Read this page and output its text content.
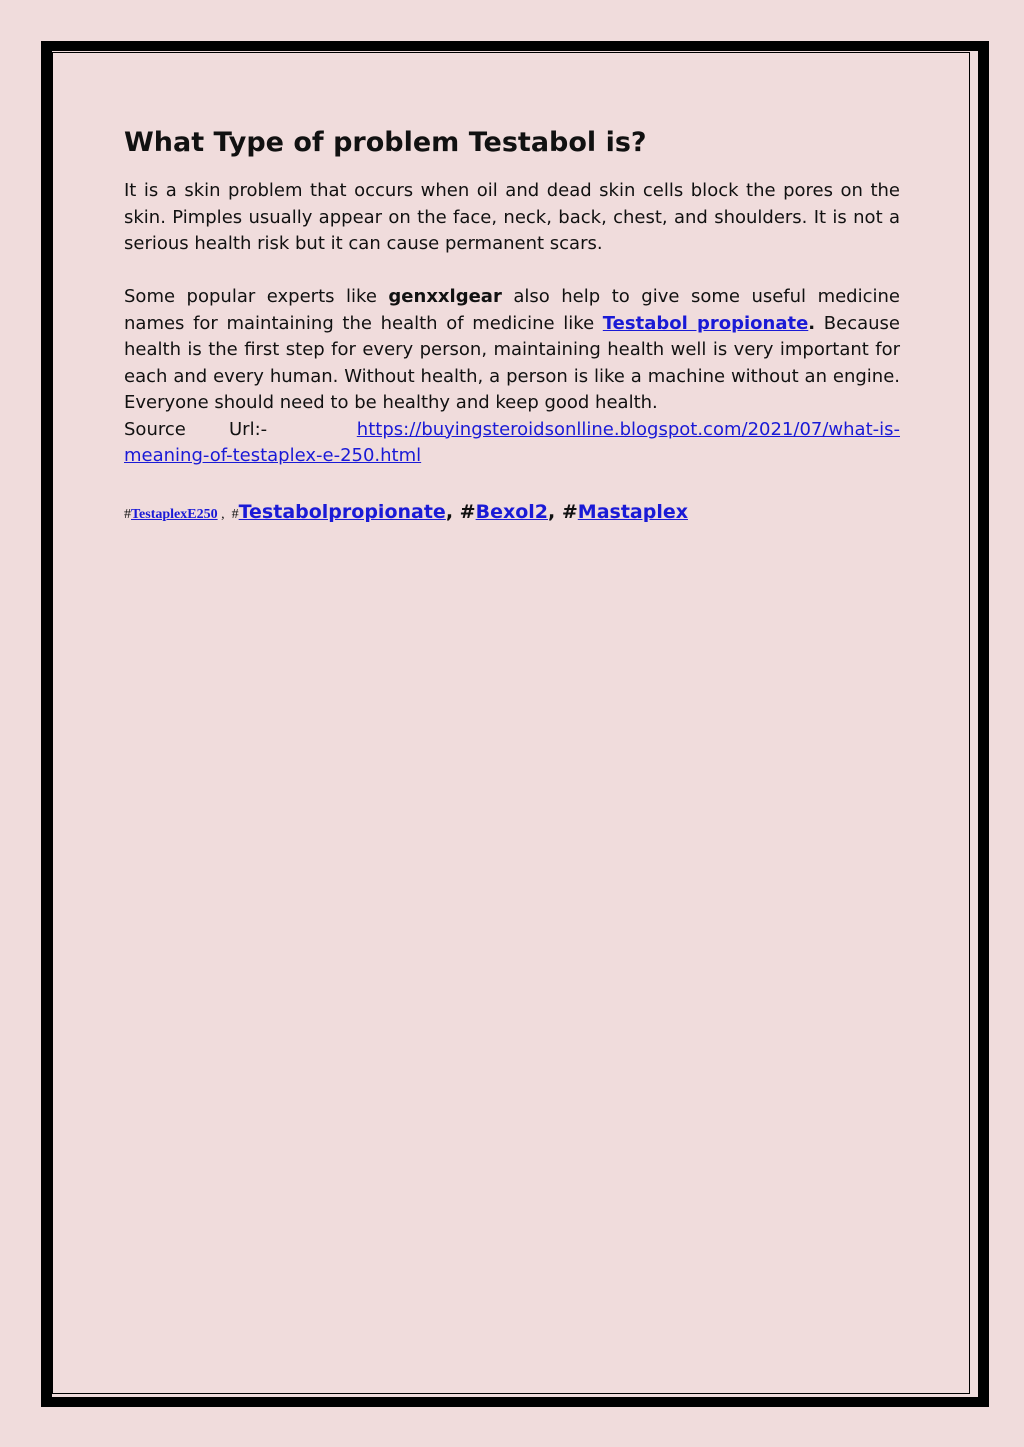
What Type of problem Testabol is?

It is a skin problem that occurs when oil and dead skin cells block the pores on the skin. Pimples usually appear on the face, neck, back, chest, and shoulders. It is not a serious health risk but it can cause permanent scars.

Some popular experts like genxxlgear also help to give some useful medicine names for maintaining the health of medicine like Testabol propionate. Because health is the first step for every person, maintaining health well is very important for each and every human. Without health, a person is like a machine without an engine. Everyone should need to be healthy and keep good health.

Source	Url:-	https://buyingsteroidsonlline.blogspot.com/2021/07/what-is-

meaning-of-testaplex-e-250.html

#TestaplexE250 ,  #Testabolpropionate, #Bexol2, #Mastaplex
